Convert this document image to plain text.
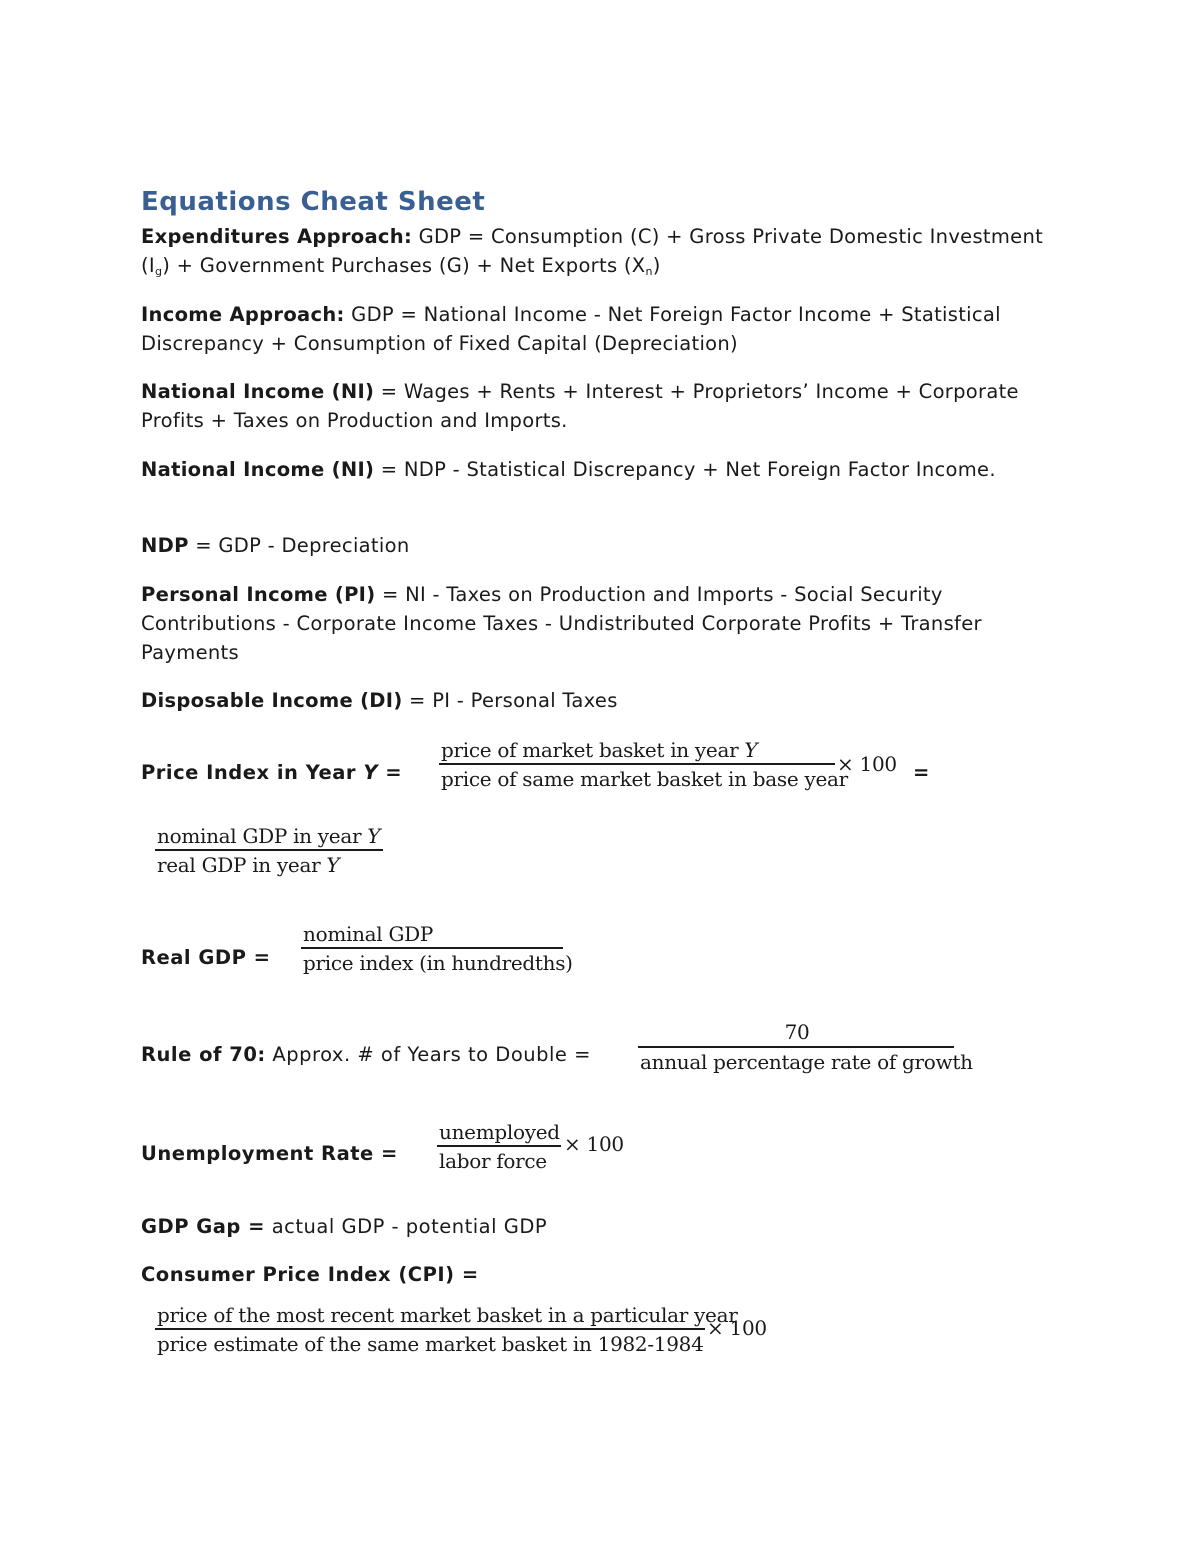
Equations Cheat Sheet
Expenditures Approach: GDP = Consumption (C) + Gross Private Domestic Investment $(I_g)$ + Government Purchases (G) + Net Exports $(X_n)$
Income Approach: GDP = National Income - Net Foreign Factor Income + Statistical Discrepancy + Consumption of Fixed Capital (Depreciation)
National Income (NI) = Wages + Rents + Interest + Proprietors’ Income + Corporate Profits + Taxes on Production and Imports.
National Income (NI) = NDP - Statistical Discrepancy + Net Foreign Factor Income.
NDP = GDP - Depreciation
Personal Income (PI) = NI - Taxes on Production and Imports - Social Security Contributions - Corporate Income Taxes - Undistributed Corporate Profits + Transfer Payments
Disposable Income (DI) = PI - Personal Taxes
Price Index in Year Y =
price of market basket in year Y
price of same market basket in base year
× 100 =
nominal GDP in year Y
real GDP in year Y
Real GDP =
nominal GDP
price index (in hundredths)
Rule of 70: Approx. # of Years to Double =
70
annual percentage rate of growth
Unemployment Rate =
unemployed
labor force
× 100
GDP Gap = actual GDP - potential GDP
Consumer Price Index (CPI) =
price of the most recent market basket in a particular year
price estimate of the same market basket in 1982-1984
× 100
